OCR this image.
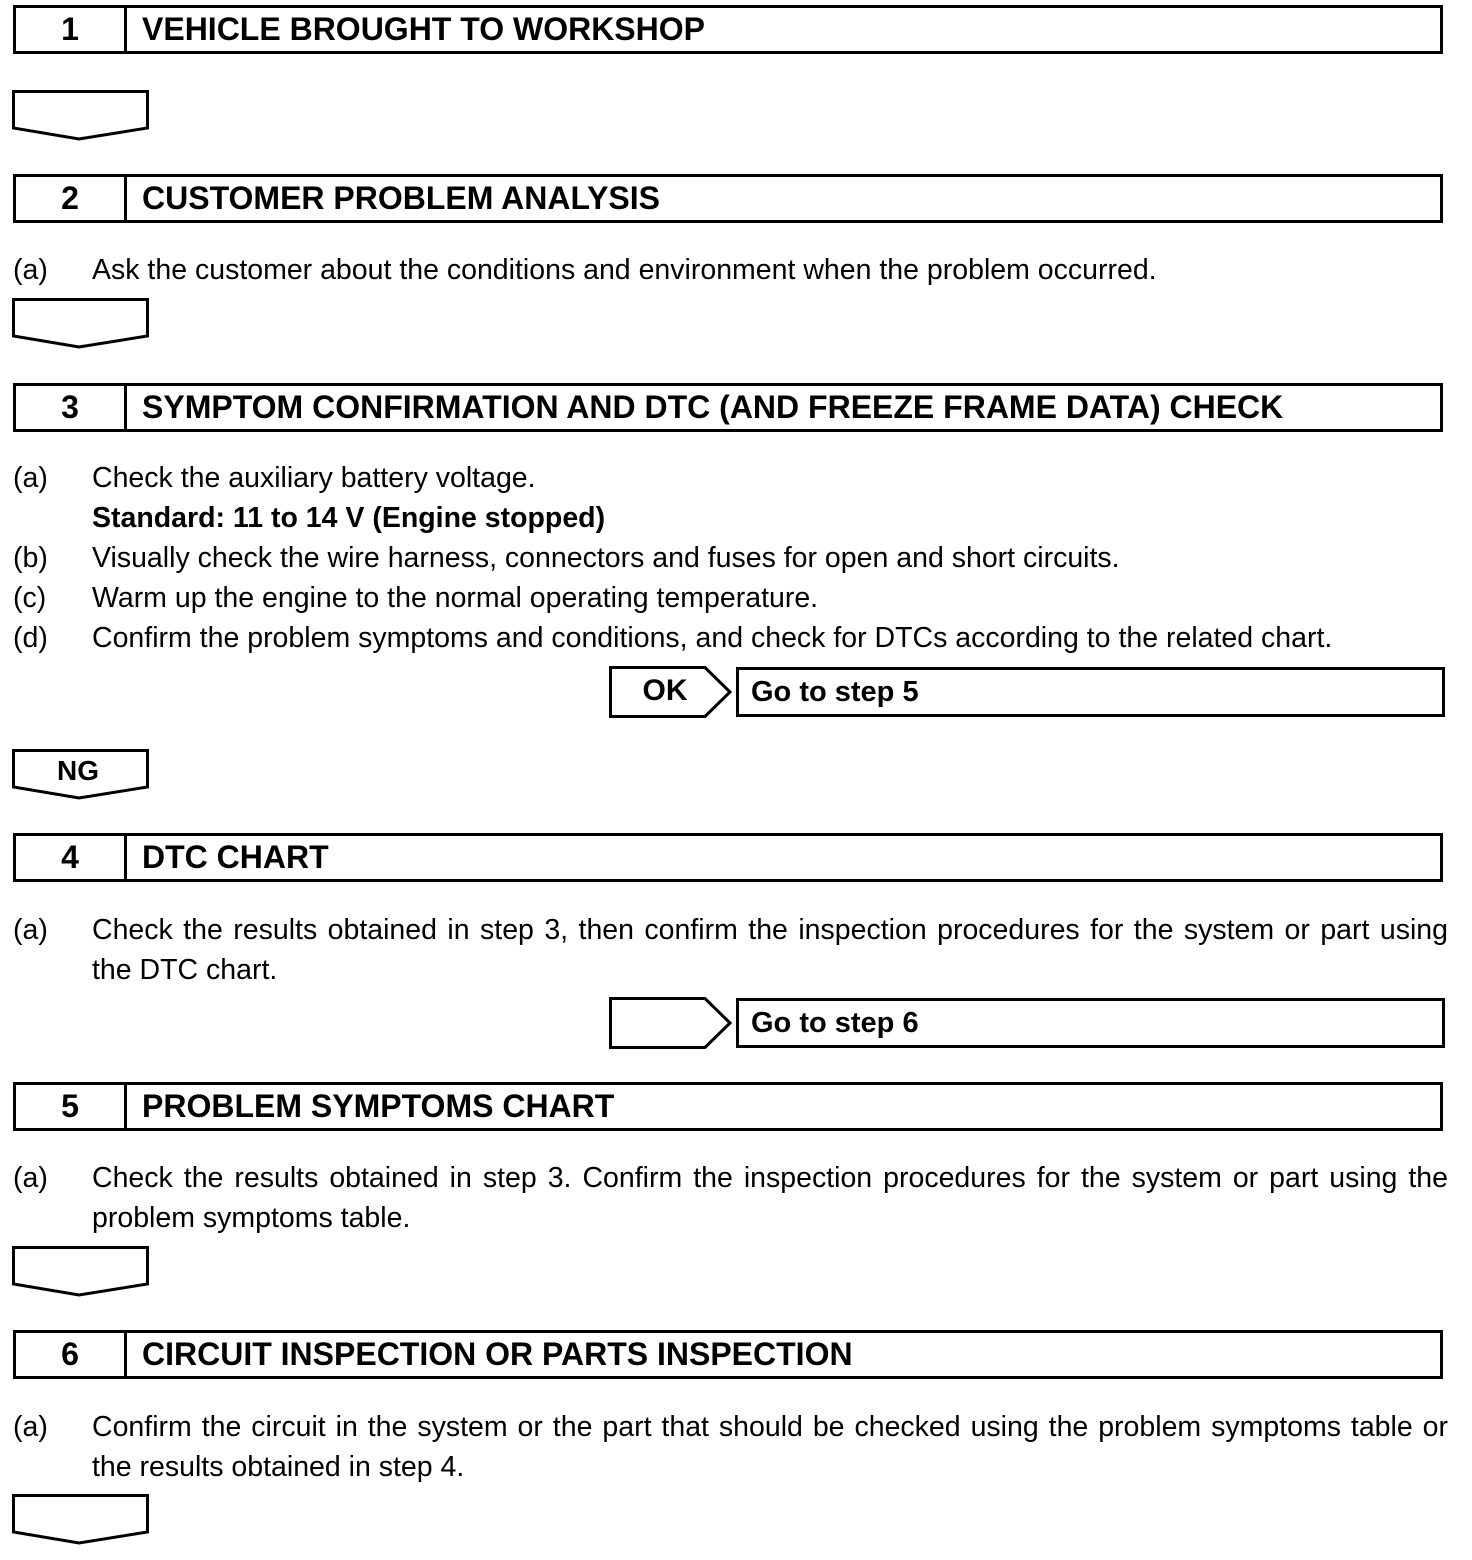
1	VEHICLE BROUGHT TO WORKSHOP
2	CUSTOMER PROBLEM ANALYSIS
(a) Ask the customer about the conditions and environment when the problem occurred.
3	SYMPTOM CONFIRMATION AND DTC (AND FREEZE FRAME DATA) CHECK
(a) Check the auxiliary battery voltage.
Standard: 11 to 14 V (Engine stopped)
(b) Visually check the wire harness, connectors and fuses for open and short circuits.
(c) Warm up the engine to the normal operating temperature.
(d) Confirm the problem symptoms and conditions, and check for DTCs according to the related chart.
OK	Go to step 5
NG
4	DTC CHART
(a) Check the results obtained in step 3, then confirm the inspection procedures for the system or part using the DTC chart.
Go to step 6
5	PROBLEM SYMPTOMS CHART
(a) Check the results obtained in step 3. Confirm the inspection procedures for the system or part using the problem symptoms table.
6	CIRCUIT INSPECTION OR PARTS INSPECTION
(a) Confirm the circuit in the system or the part that should be checked using the problem symptoms table or the results obtained in step 4.
